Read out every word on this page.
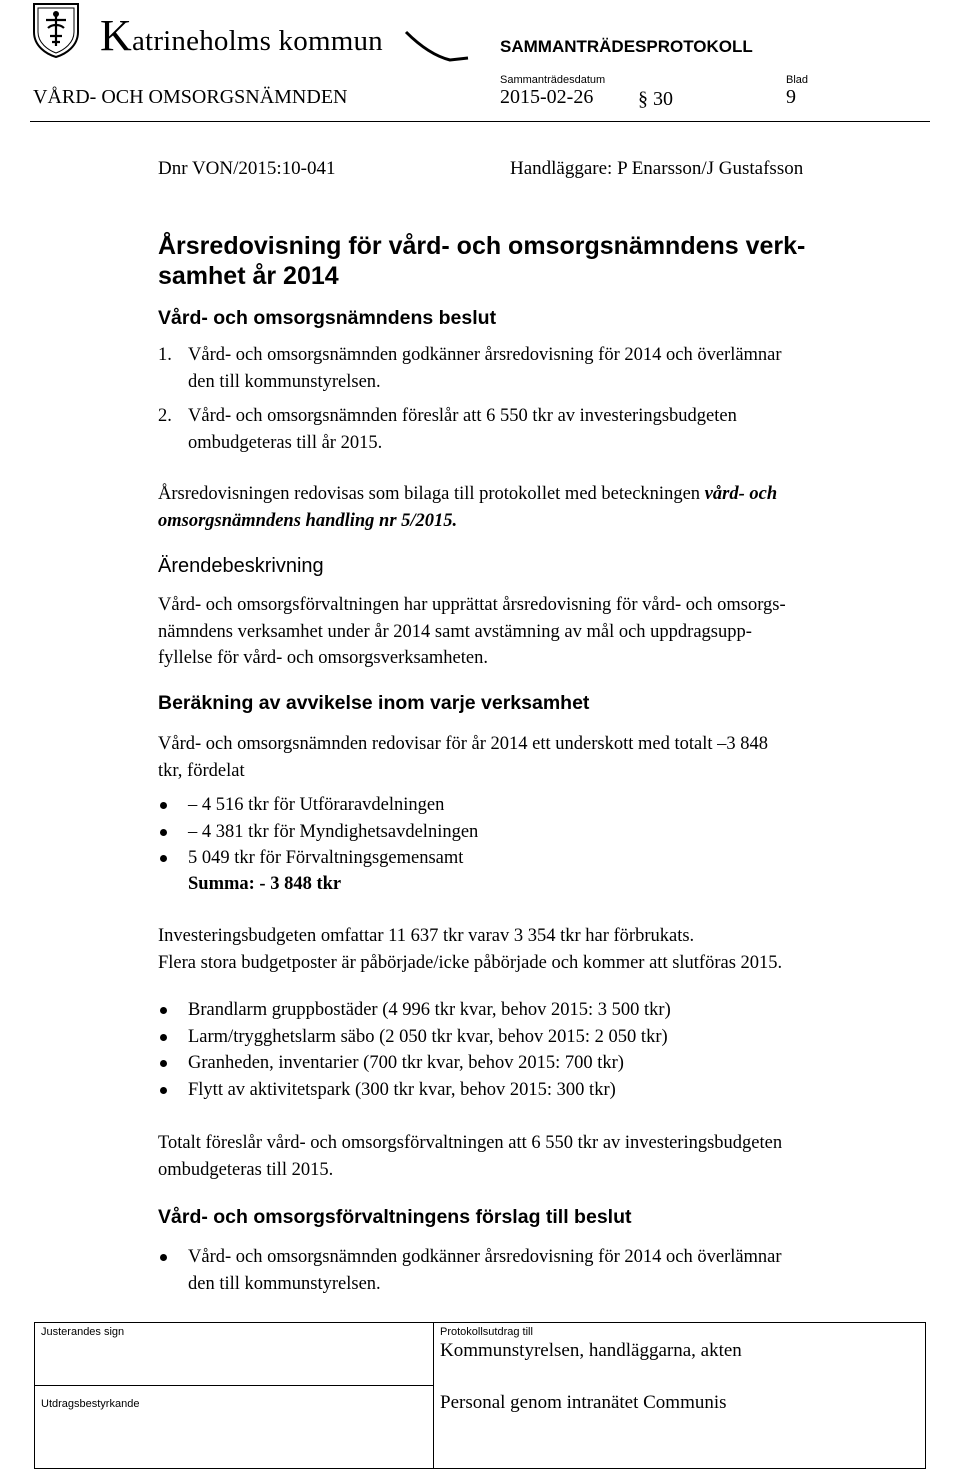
Katrineholms kommun	SAMMANTRÄDESPROTOKOLL
Sammanträdesdatum	Blad
VÅRD- OCH OMSORGSNÄMNDEN	2015-02-26 § 30	9
Dnr VON/2015:10-041	Handläggare: P Enarsson/J Gustafsson
Årsredovisning för vård- och omsorgsnämndens verk-
samhet år 2014
Vård- och omsorgsnämndens beslut
1. Vård- och omsorgsnämnden godkänner årsredovisning för 2014 och överlämnar
den till kommunstyrelsen.
2. Vård- och omsorgsnämnden föreslår att 6 550 tkr av investeringsbudgeten
ombudgeteras till år 2015.
Årsredovisningen redovisas som bilaga till protokollet med beteckningen vård- och
omsorgsnämndens handling nr 5/2015.
Ärendebeskrivning
Vård- och omsorgsförvaltningen har upprättat årsredovisning för vård- och omsorgs-
nämndens verksamhet under år 2014 samt avstämning av mål och uppdragsupp-
fyllelse för vård- och omsorgsverksamheten.
Beräkning av avvikelse inom varje verksamhet
Vård- och omsorgsnämnden redovisar för år 2014 ett underskott med totalt –3 848
tkr, fördelat
– 4 516 tkr för Utföraravdelningen
– 4 381 tkr för Myndighetsavdelningen
5 049 tkr för Förvaltningsgemensamt
Summa: - 3 848 tkr
Investeringsbudgeten omfattar 11 637 tkr varav 3 354 tkr har förbrukats.
Flera stora budgetposter är påbörjade/icke påbörjade och kommer att slutföras 2015.
Brandlarm gruppbostäder (4 996 tkr kvar, behov 2015: 3 500 tkr)
Larm/trygghetslarm säbo (2 050 tkr kvar, behov 2015: 2 050 tkr)
Granheden, inventarier (700 tkr kvar, behov 2015: 700 tkr)
Flytt av aktivitetspark (300 tkr kvar, behov 2015: 300 tkr)
Totalt föreslår vård- och omsorgsförvaltningen att 6 550 tkr av investeringsbudgeten
ombudgeteras till 2015.
Vård- och omsorgsförvaltningens förslag till beslut
Vård- och omsorgsnämnden godkänner årsredovisning för 2014 och överlämnar
den till kommunstyrelsen.
Justerandes sign
Utdragsbestyrkande
Protokollsutdrag till
Kommunstyrelsen, handläggarna, akten
Personal genom intranätet Communis
